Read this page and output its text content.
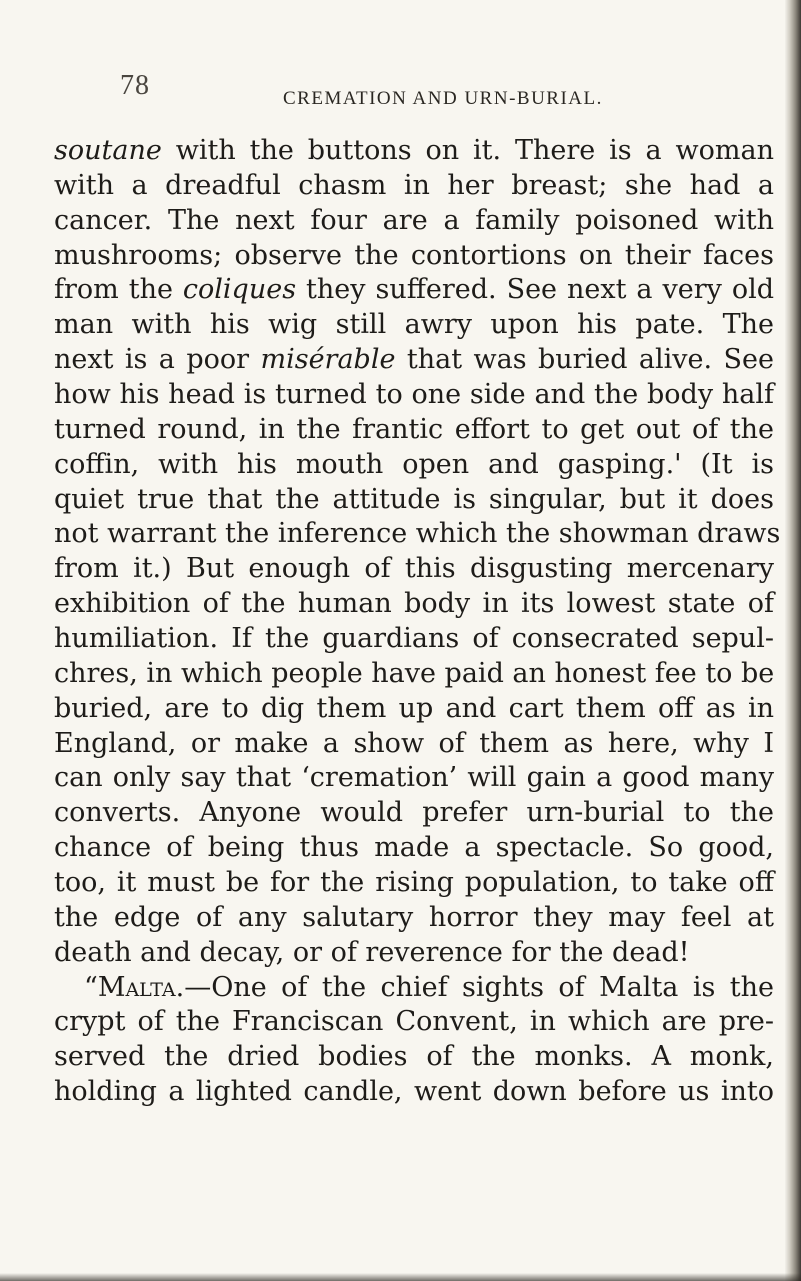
78	CREMATION AND URN-BURIAL.
soutane with the buttons on it. There is a woman
with a dreadful chasm in her breast; she had a
cancer. The next four are a family poisoned with
mushrooms; observe the contortions on their faces
from the coliques they suffered. See next a very old
man with his wig still awry upon his pate. The
next is a poor misérable that was buried alive. See
how his head is turned to one side and the body half
turned round, in the frantic effort to get out of the
coffin, with his mouth open and gasping.' (It is
quiet true that the attitude is singular, but it does
not warrant the inference which the showman draws
from it.) But enough of this disgusting mercenary
exhibition of the human body in its lowest state of
humiliation. If the guardians of consecrated sepul-
chres, in which people have paid an honest fee to be
buried, are to dig them up and cart them off as in
England, or make a show of them as here, why I
can only say that ‘cremation’ will gain a good many
converts. Anyone would prefer urn-burial to the
chance of being thus made a spectacle. So good,
too, it must be for the rising population, to take off
the edge of any salutary horror they may feel at
death and decay, or of reverence for the dead!
“Malta.—One of the chief sights of Malta is the
crypt of the Franciscan Convent, in which are pre-
served the dried bodies of the monks. A monk,
holding a lighted candle, went down before us into
